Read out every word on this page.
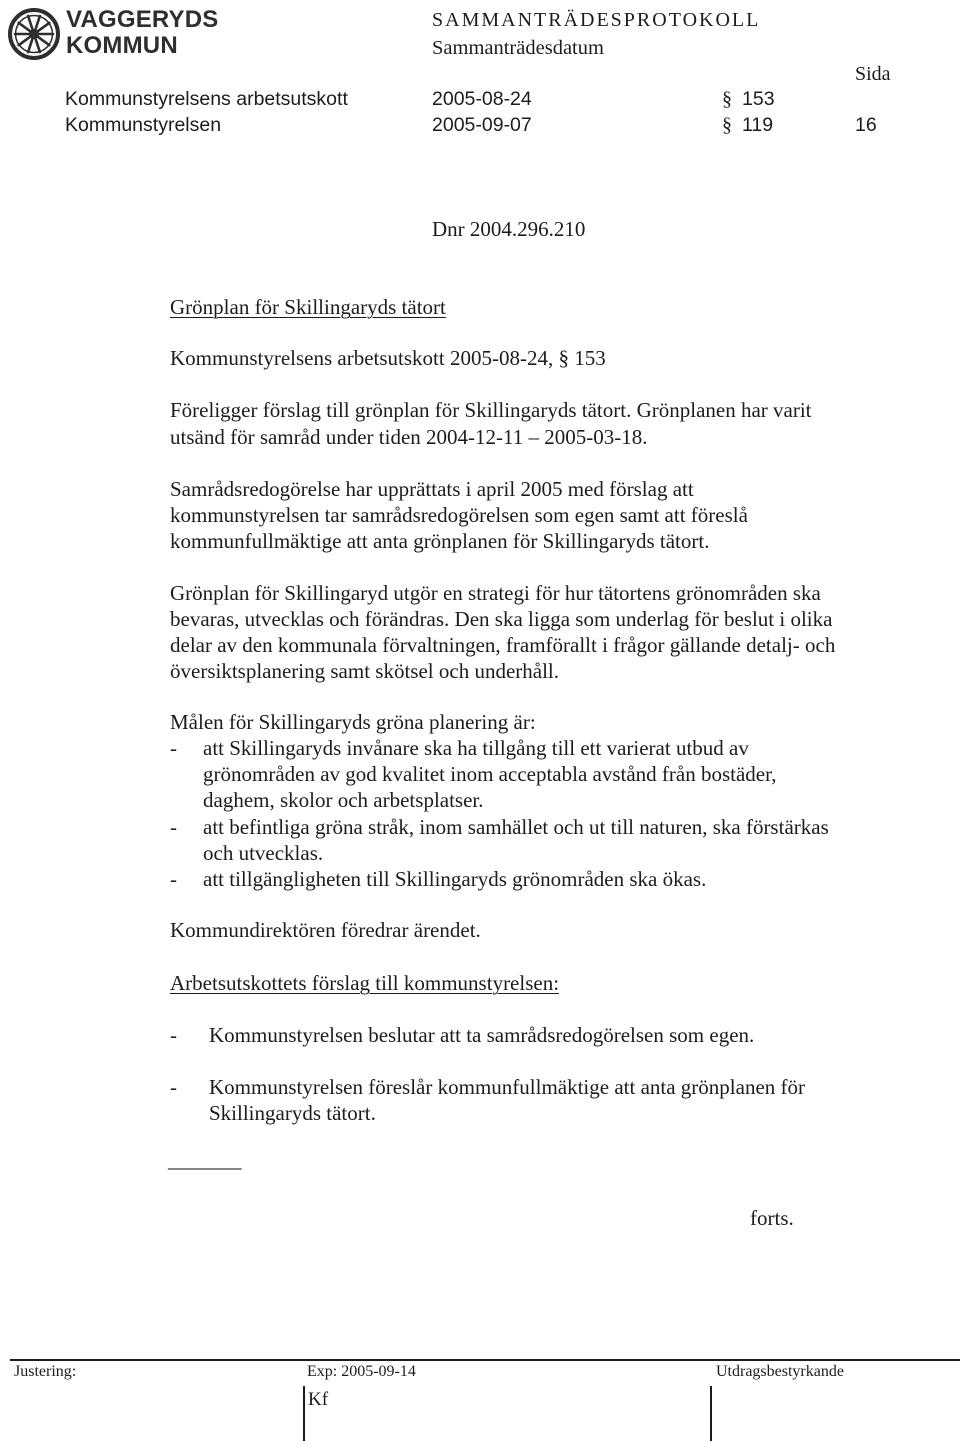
VAGGERYDS
KOMMUN
SAMMANTRÄDESPROTOKOLL
Sammanträdesdatum
Sida
Kommunstyrelsens arbetsutskott	2005-08-24	§ 153
Kommunstyrelsen	2005-09-07	§ 119	16
Dnr 2004.296.210
Grönplan för Skillingaryds tätort
Kommunstyrelsens arbetsutskott 2005-08-24, § 153
Föreligger förslag till grönplan för Skillingaryds tätort. Grönplanen har varit
utsänd för samråd under tiden 2004-12-11 – 2005-03-18.
Samrådsredogörelse har upprättats i april 2005 med förslag att
kommunstyrelsen tar samrådsredogörelsen som egen samt att föreslå
kommunfullmäktige att anta grönplanen för Skillingaryds tätort.
Grönplan för Skillingaryd utgör en strategi för hur tätortens grönområden ska
bevaras, utvecklas och förändras. Den ska ligga som underlag för beslut i olika
delar av den kommunala förvaltningen, framförallt i frågor gällande detalj- och
översiktsplanering samt skötsel och underhåll.
Målen för Skillingaryds gröna planering är:
- att Skillingaryds invånare ska ha tillgång till ett varierat utbud av
grönområden av god kvalitet inom acceptabla avstånd från bostäder,
daghem, skolor och arbetsplatser.
- att befintliga gröna stråk, inom samhället och ut till naturen, ska förstärkas
och utvecklas.
- att tillgängligheten till Skillingaryds grönområden ska ökas.
Kommundirektören föredrar ärendet.
Arbetsutskottets förslag till kommunstyrelsen:
- Kommunstyrelsen beslutar att ta samrådsredogörelsen som egen.
- Kommunstyrelsen föreslår kommunfullmäktige att anta grönplanen för
Skillingaryds tätort.
_______
forts.
Justering:	Exp: 2005-09-14	Utdragsbestyrkande
Kf
